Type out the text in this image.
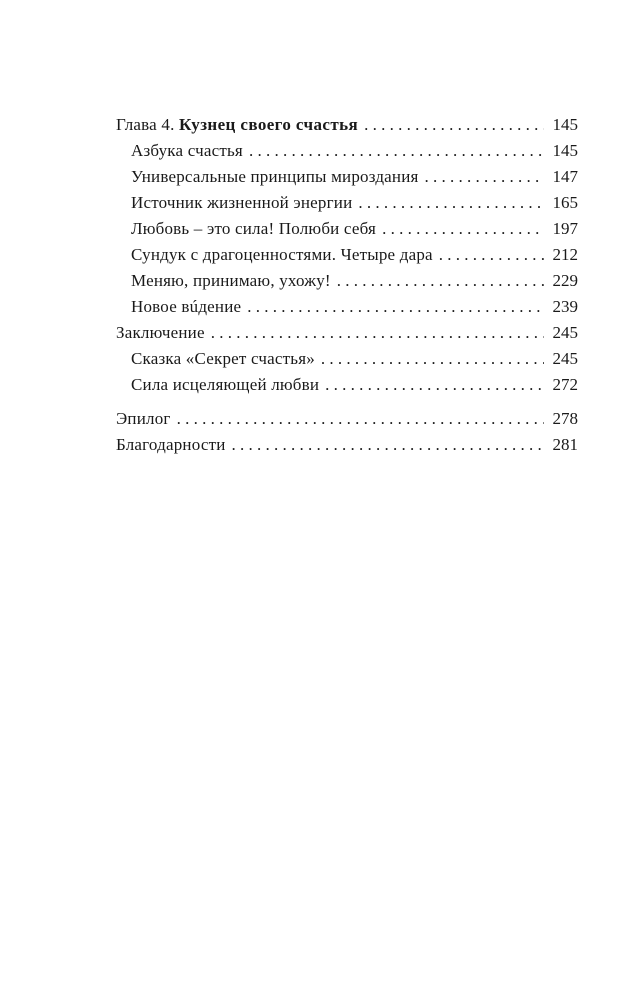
Глава 4. Кузнец своего счастья . . .	145
Азбука счастья . . .	145
Универсальные принципы мироздания . . .	147
Источник жизненной энергии . . .	165
Любовь – это сила! Полюби себя . . .	197
Сундук с драгоценностями. Четыре дара . . .	212
Меняю, принимаю, ухожу! . . .	229
Новое вúдение . . .	239
Заключение . . .	245
Сказка «Секрет счастья» . . .	245
Сила исцеляющей любви . . .	272
Эпилог . . .	278
Благодарности . . .	281
